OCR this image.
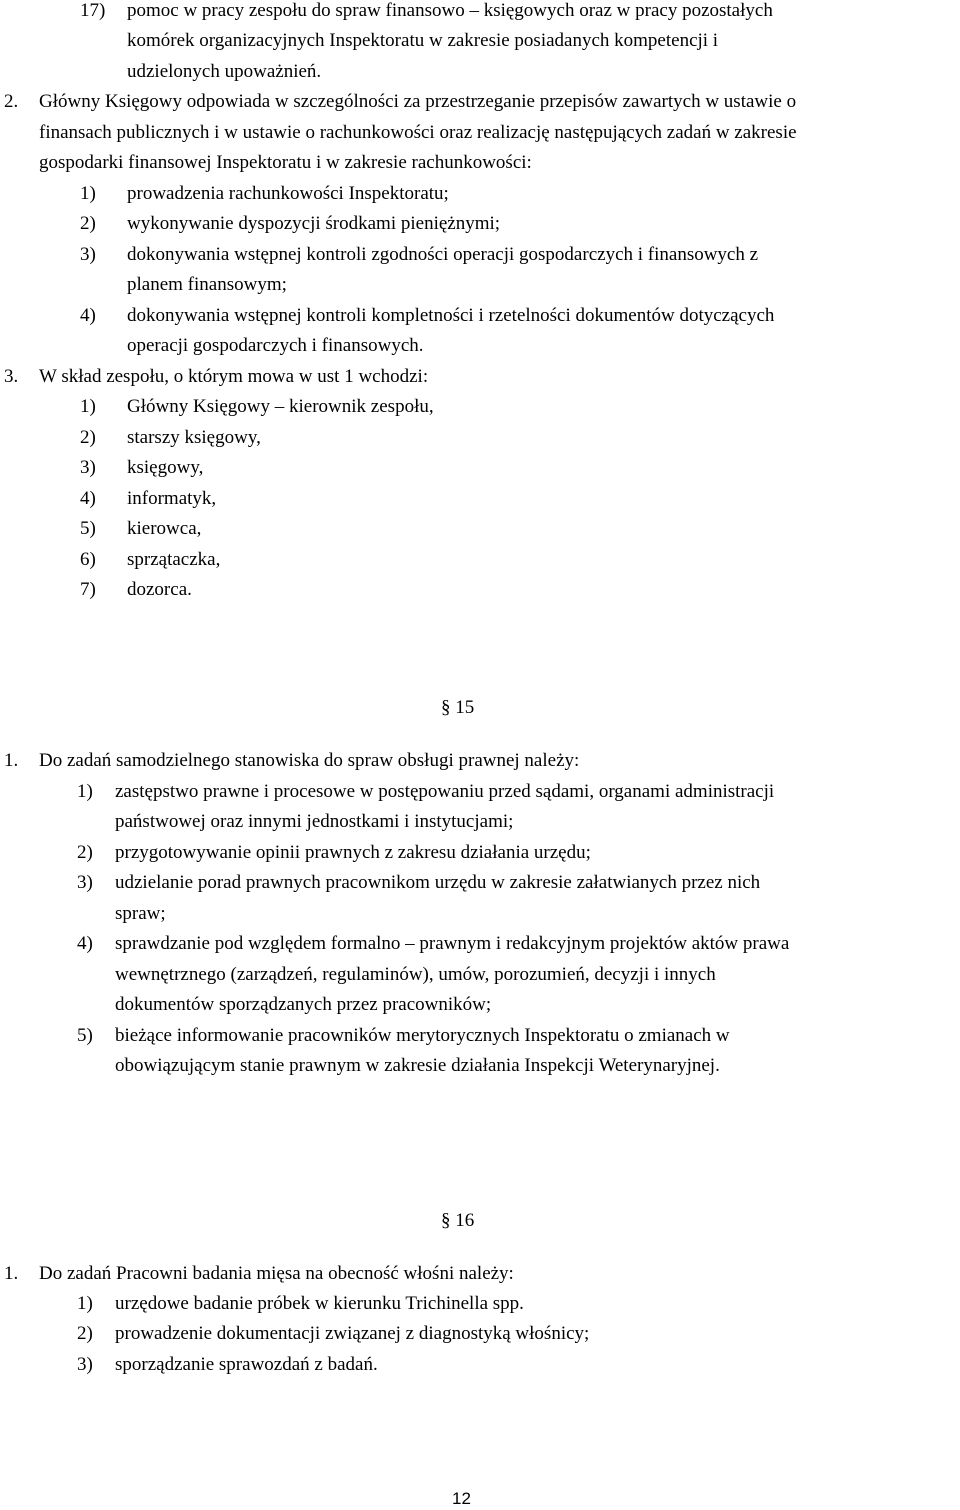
17) pomoc w pracy zespołu do spraw finansowo – księgowych oraz w pracy pozostałych
komórek organizacyjnych Inspektoratu w zakresie posiadanych kompetencji i
udzielonych upoważnień.
2. Główny Księgowy odpowiada w szczególności za przestrzeganie przepisów zawartych w ustawie o
finansach publicznych i w ustawie o rachunkowości oraz realizację następujących zadań w zakresie
gospodarki finansowej Inspektoratu i w zakresie rachunkowości:
1) prowadzenia rachunkowości Inspektoratu;
2) wykonywanie dyspozycji środkami pieniężnymi;
3) dokonywania wstępnej kontroli zgodności operacji gospodarczych i finansowych z
planem finansowym;
4) dokonywania wstępnej kontroli kompletności i rzetelności dokumentów dotyczących
operacji gospodarczych i finansowych.
3. W skład zespołu, o którym mowa w ust 1 wchodzi:
1) Główny Księgowy – kierownik zespołu,
2) starszy księgowy,
3) księgowy,
4) informatyk,
5) kierowca,
6) sprzątaczka,
7) dozorca.
§ 15
1. Do zadań samodzielnego stanowiska do spraw obsługi prawnej należy:
1) zastępstwo prawne i procesowe w postępowaniu przed sądami, organami administracji
państwowej oraz innymi jednostkami i instytucjami;
2) przygotowywanie opinii prawnych z zakresu działania urzędu;
3) udzielanie porad prawnych pracownikom urzędu w zakresie załatwianych przez nich
spraw;
4) sprawdzanie pod względem formalno – prawnym i redakcyjnym projektów aktów prawa
wewnętrznego (zarządzeń, regulaminów), umów, porozumień, decyzji i innych
dokumentów sporządzanych przez pracowników;
5) bieżące informowanie pracowników merytorycznych Inspektoratu o zmianach w
obowiązującym stanie prawnym w zakresie działania Inspekcji Weterynaryjnej.
§ 16
1. Do zadań Pracowni badania mięsa na obecność włośni należy:
1) urzędowe badanie próbek w kierunku Trichinella spp.
2) prowadzenie dokumentacji związanej z diagnostyką włośnicy;
3) sporządzanie sprawozdań z badań.
12
